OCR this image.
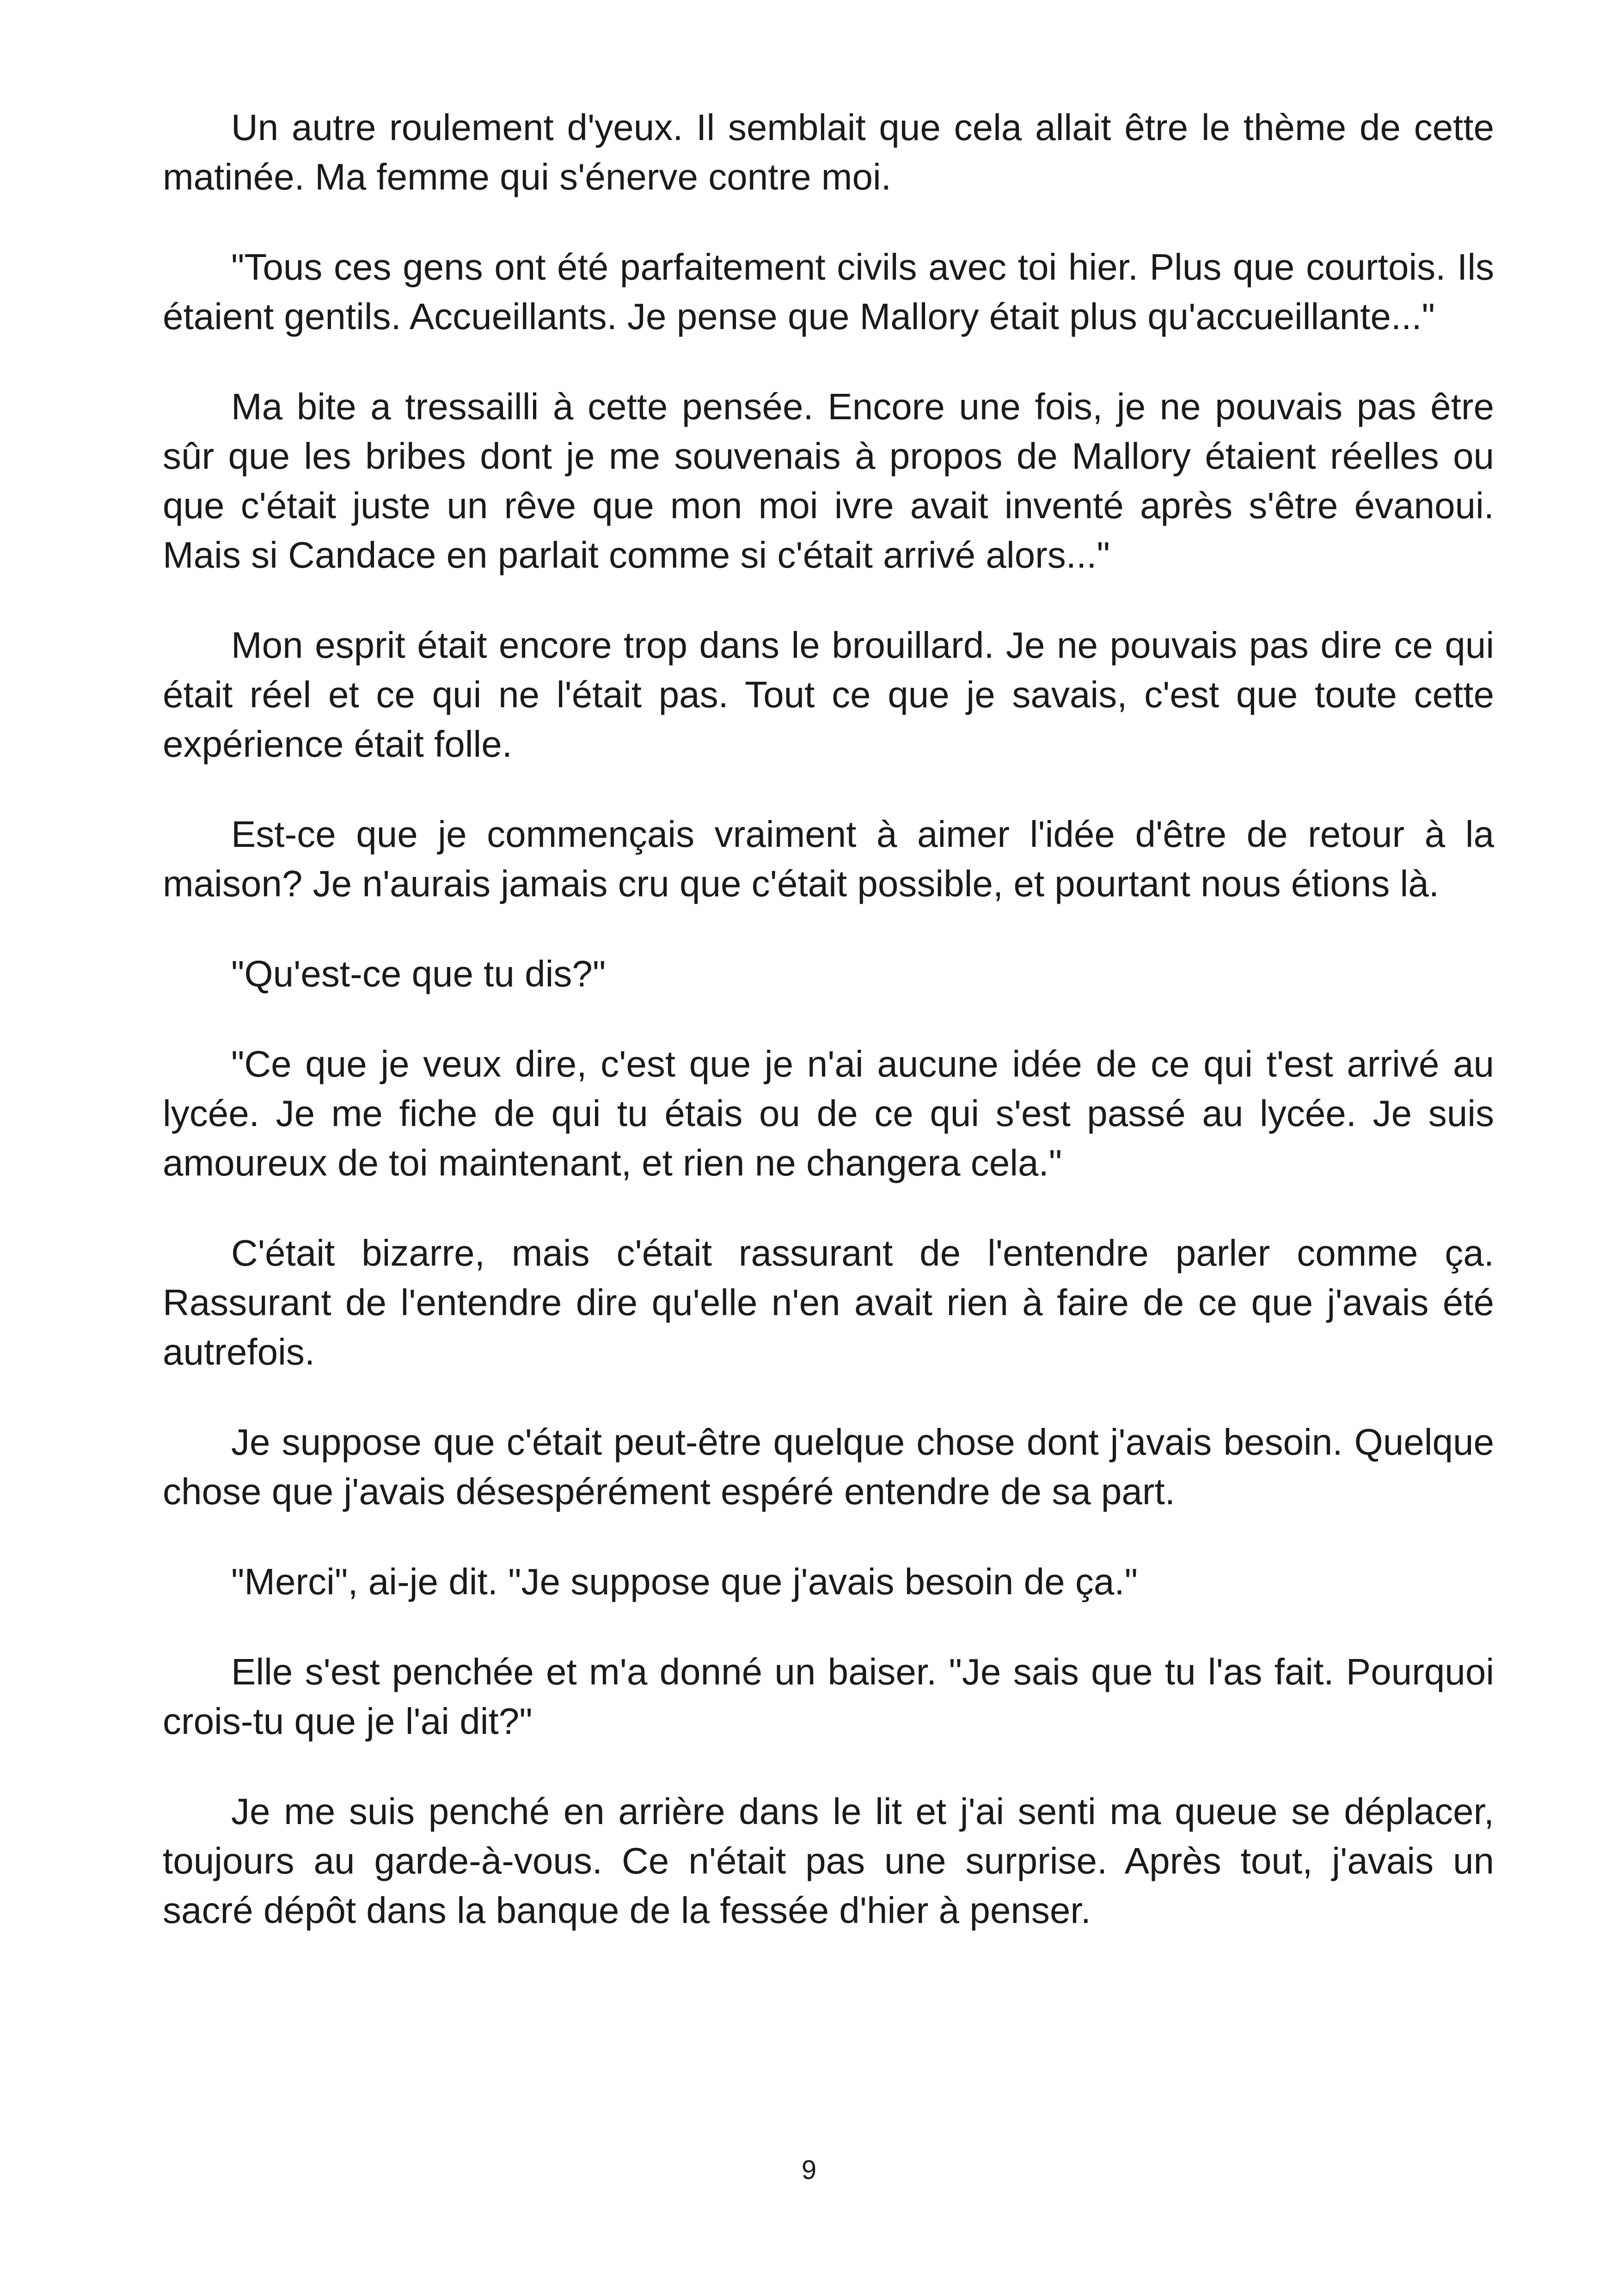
Un autre roulement d'yeux. Il semblait que cela allait être le thème de cette matinée. Ma femme qui s'énerve contre moi.

"Tous ces gens ont été parfaitement civils avec toi hier. Plus que courtois. Ils étaient gentils. Accueillants. Je pense que Mallory était plus qu'accueillante..."

Ma bite a tressailli à cette pensée. Encore une fois, je ne pouvais pas être sûr que les bribes dont je me souvenais à propos de Mallory étaient réelles ou que c'était juste un rêve que mon moi ivre avait inventé après s'être évanoui. Mais si Candace en parlait comme si c'était arrivé alors..."

Mon esprit était encore trop dans le brouillard. Je ne pouvais pas dire ce qui était réel et ce qui ne l'était pas. Tout ce que je savais, c'est que toute cette expérience était folle.

Est-ce que je commençais vraiment à aimer l'idée d'être de retour à la maison? Je n'aurais jamais cru que c'était possible, et pourtant nous étions là.

"Qu'est-ce que tu dis?"

"Ce que je veux dire, c'est que je n'ai aucune idée de ce qui t'est arrivé au lycée. Je me fiche de qui tu étais ou de ce qui s'est passé au lycée. Je suis amoureux de toi maintenant, et rien ne changera cela."

C'était bizarre, mais c'était rassurant de l'entendre parler comme ça. Rassurant de l'entendre dire qu'elle n'en avait rien à faire de ce que j'avais été autrefois.

Je suppose que c'était peut-être quelque chose dont j'avais besoin. Quelque chose que j'avais désespérément espéré entendre de sa part.

"Merci", ai-je dit. "Je suppose que j'avais besoin de ça."

Elle s'est penchée et m'a donné un baiser. "Je sais que tu l'as fait. Pourquoi crois-tu que je l'ai dit?"

Je me suis penché en arrière dans le lit et j'ai senti ma queue se déplacer, toujours au garde-à-vous. Ce n'était pas une surprise. Après tout, j'avais un sacré dépôt dans la banque de la fessée d'hier à penser.

9
